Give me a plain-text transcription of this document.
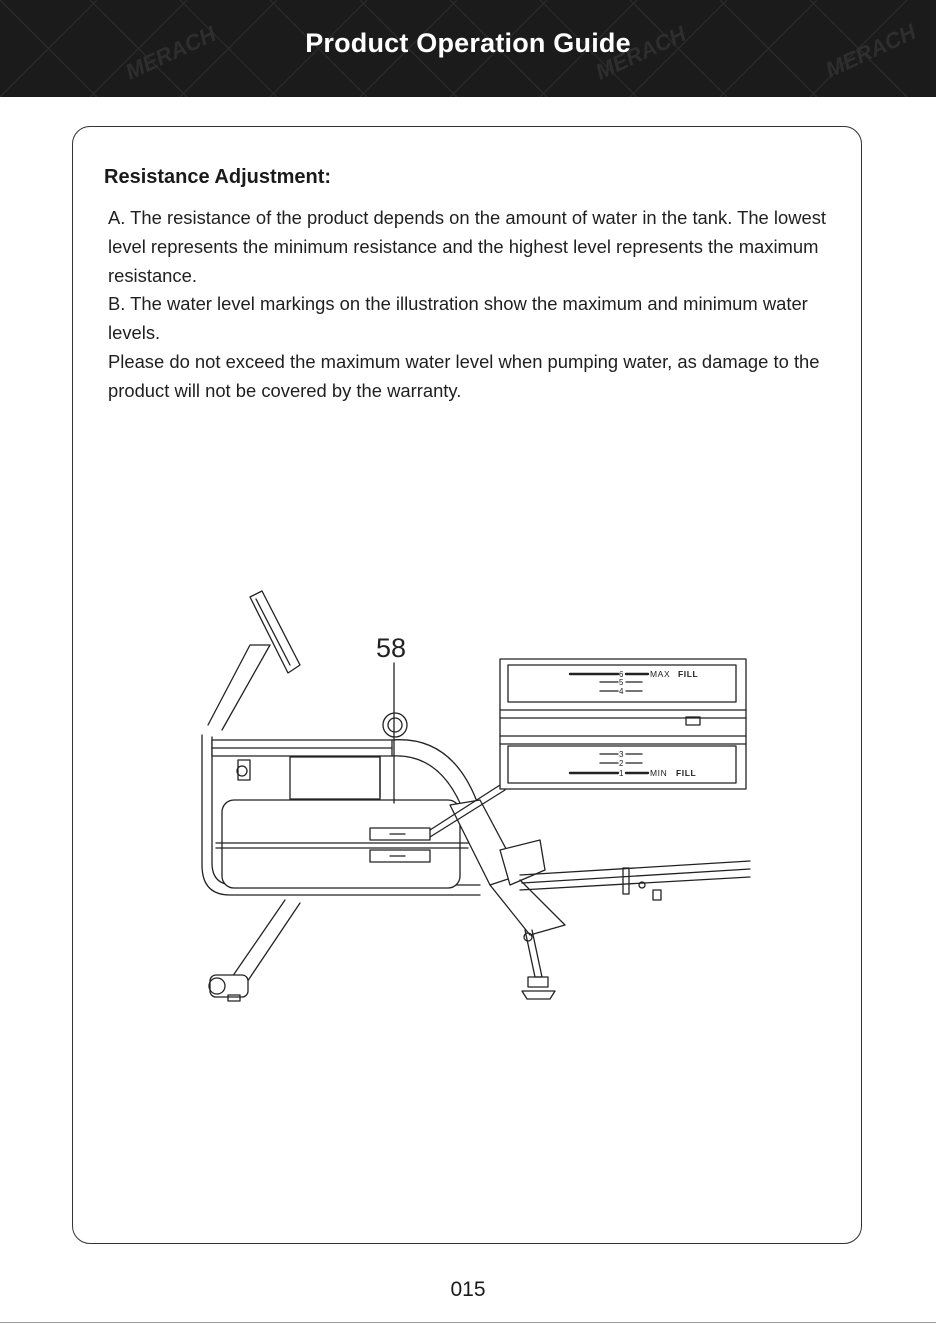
MERACH	MERACH	MERACH
Product Operation Guide
Resistance Adjustment:

A. The resistance of the product depends on the amount of water in the tank. The lowest level represents the minimum resistance and the highest level represents the maximum resistance.

B. The water level markings on the illustration show the maximum and minimum water levels.

Please do not exceed the maximum water level when pumping water, as damage to the product will not be covered by the warranty.

58
6
5
4
3
2
1
MAX FILL
MIN FILL
015
